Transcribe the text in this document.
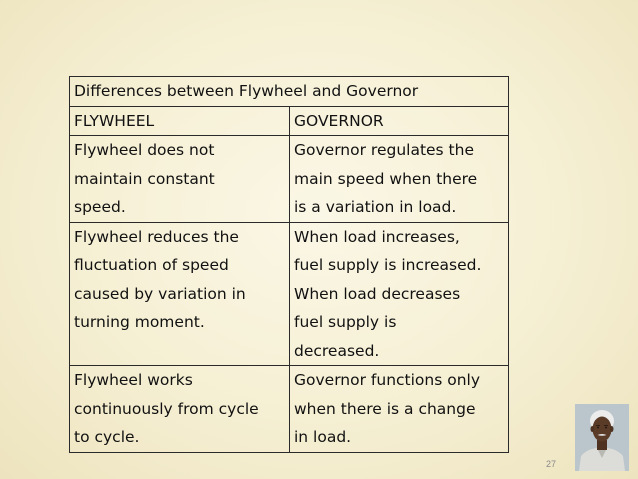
Differences between Flywheel and Governor	

FLYWHEEL	GOVERNOR

Flywheel does not
maintain constant
speed.	Governor regulates the
main speed when there
is a variation in load.

Flywheel reduces the
fluctuation of speed
caused by variation in
turning moment.	When load increases,
fuel supply is increased.
When load decreases
fuel supply is
decreased.

Flywheel works
continuously from cycle
to cycle.	Governor functions only
when there is a change
in load.
27
